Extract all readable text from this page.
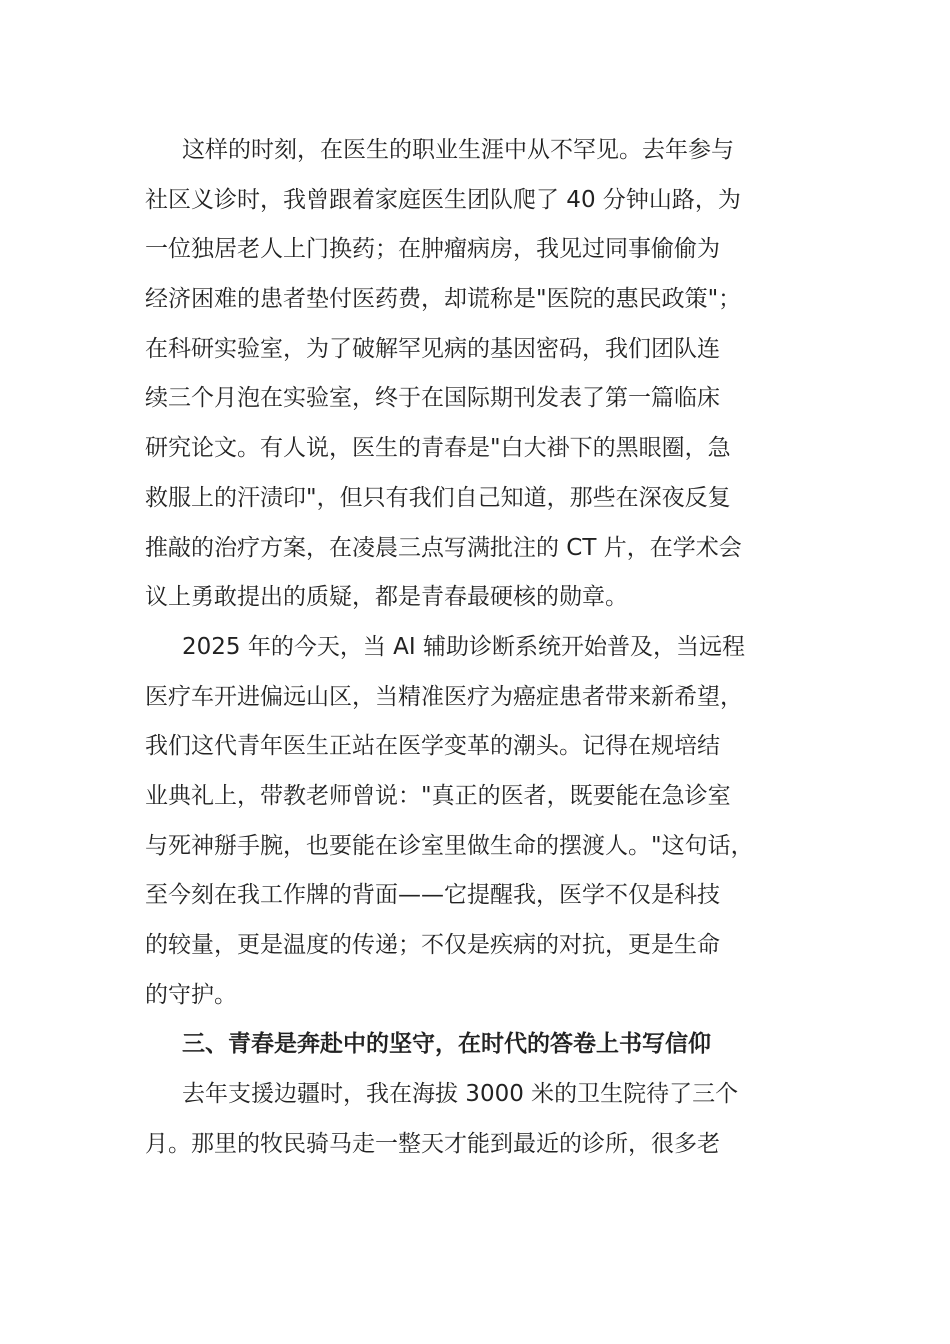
这样的时刻，在医生的职业生涯中从不罕见。去年参与
社区义诊时，我曾跟着家庭医生团队爬了 40 分钟山路，为
一位独居老人上门换药；在肿瘤病房，我见过同事偷偷为
经济困难的患者垫付医药费，却谎称是"医院的惠民政策"；
在科研实验室，为了破解罕见病的基因密码，我们团队连
续三个月泡在实验室，终于在国际期刊发表了第一篇临床
研究论文。有人说，医生的青春是"白大褂下的黑眼圈，急
救服上的汗渍印"，但只有我们自己知道，那些在深夜反复
推敲的治疗方案，在凌晨三点写满批注的 CT 片，在学术会
议上勇敢提出的质疑，都是青春最硬核的勋章。
2025 年的今天，当 AI 辅助诊断系统开始普及，当远程
医疗车开进偏远山区，当精准医疗为癌症患者带来新希望，
我们这代青年医生正站在医学变革的潮头。记得在规培结
业典礼上，带教老师曾说："真正的医者，既要能在急诊室
与死神掰手腕，也要能在诊室里做生命的摆渡人。"这句话，
至今刻在我工作牌的背面——它提醒我，医学不仅是科技
的较量，更是温度的传递；不仅是疾病的对抗，更是生命
的守护。
三、青春是奔赴中的坚守，在时代的答卷上书写信仰
去年支援边疆时，我在海拔 3000 米的卫生院待了三个
月。那里的牧民骑马走一整天才能到最近的诊所，很多老
